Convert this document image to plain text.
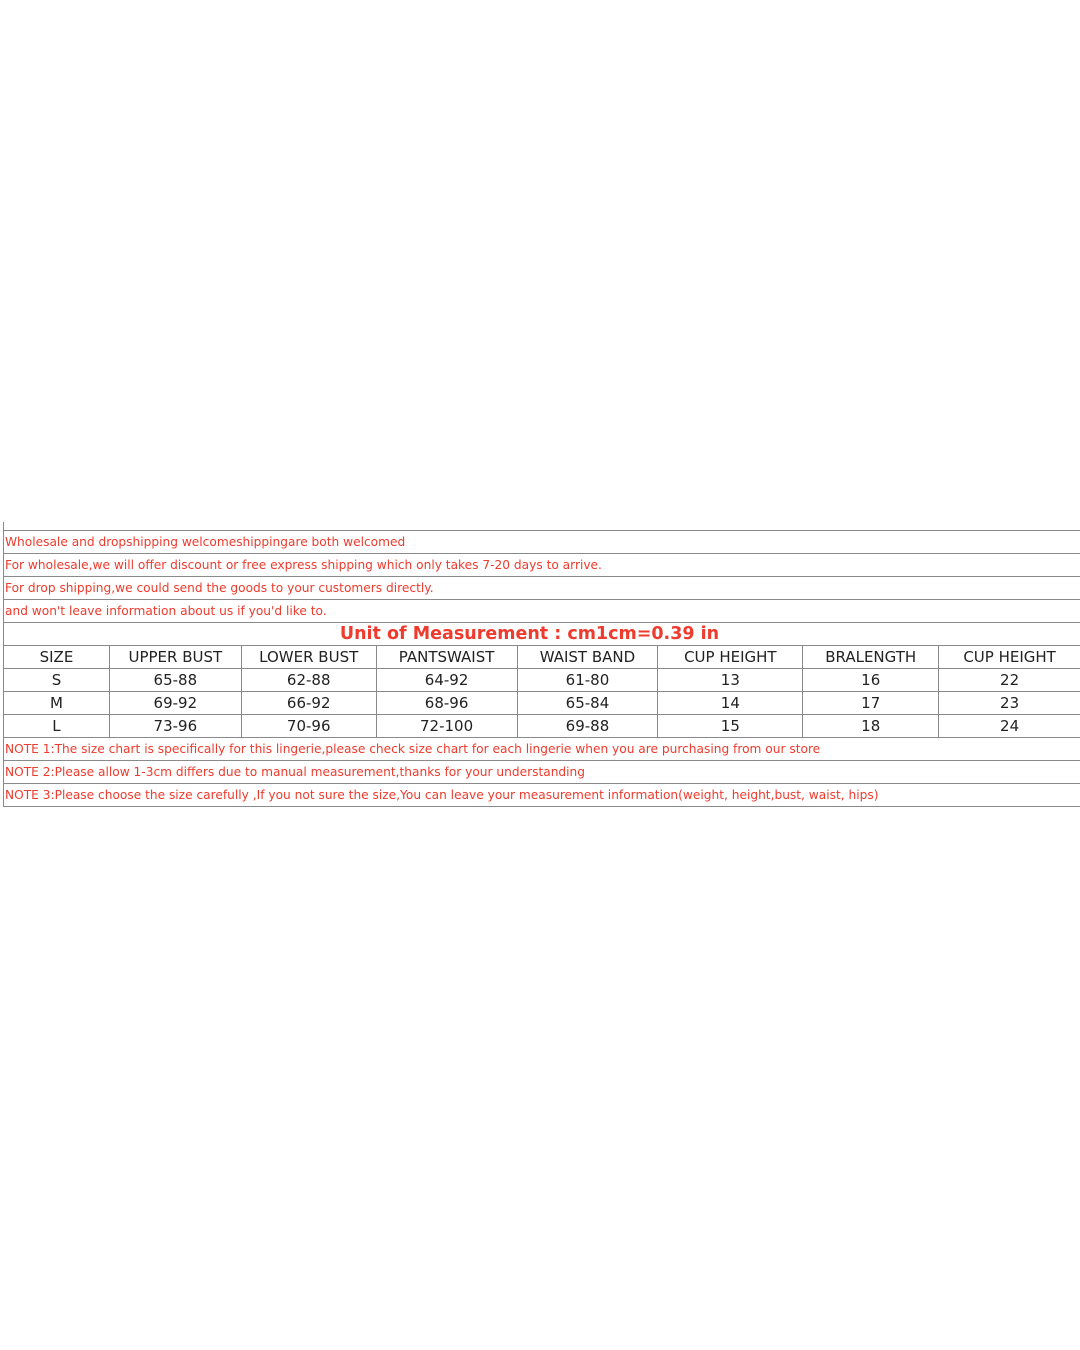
Wholesale and dropshipping welcomeshippingare both welcomed
For wholesale,we will offer discount or free express shipping which only takes 7-20 days to arrive.
For drop shipping,we could send the goods to your customers directly.
and won't leave information about us if you'd like to.
Unit of Measurement : cm1cm=0.39 in
SIZE	UPPER BUST	LOWER BUST	PANTSWAIST	WAIST BAND	CUP HEIGHT	BRALENGTH	CUP HEIGHT
S	65-88	62-88	64-92	61-80	13	16	22
M	69-92	66-92	68-96	65-84	14	17	23
L	73-96	70-96	72-100	69-88	15	18	24
NOTE 1:The size chart is specifically for this lingerie,please check size chart for each lingerie when you are purchasing from our store
NOTE 2:Please allow 1-3cm differs due to manual measurement,thanks for your understanding
NOTE 3:Please choose the size carefully ,If you not sure the size,You can leave your measurement information(weight, height,bust, waist, hips)
